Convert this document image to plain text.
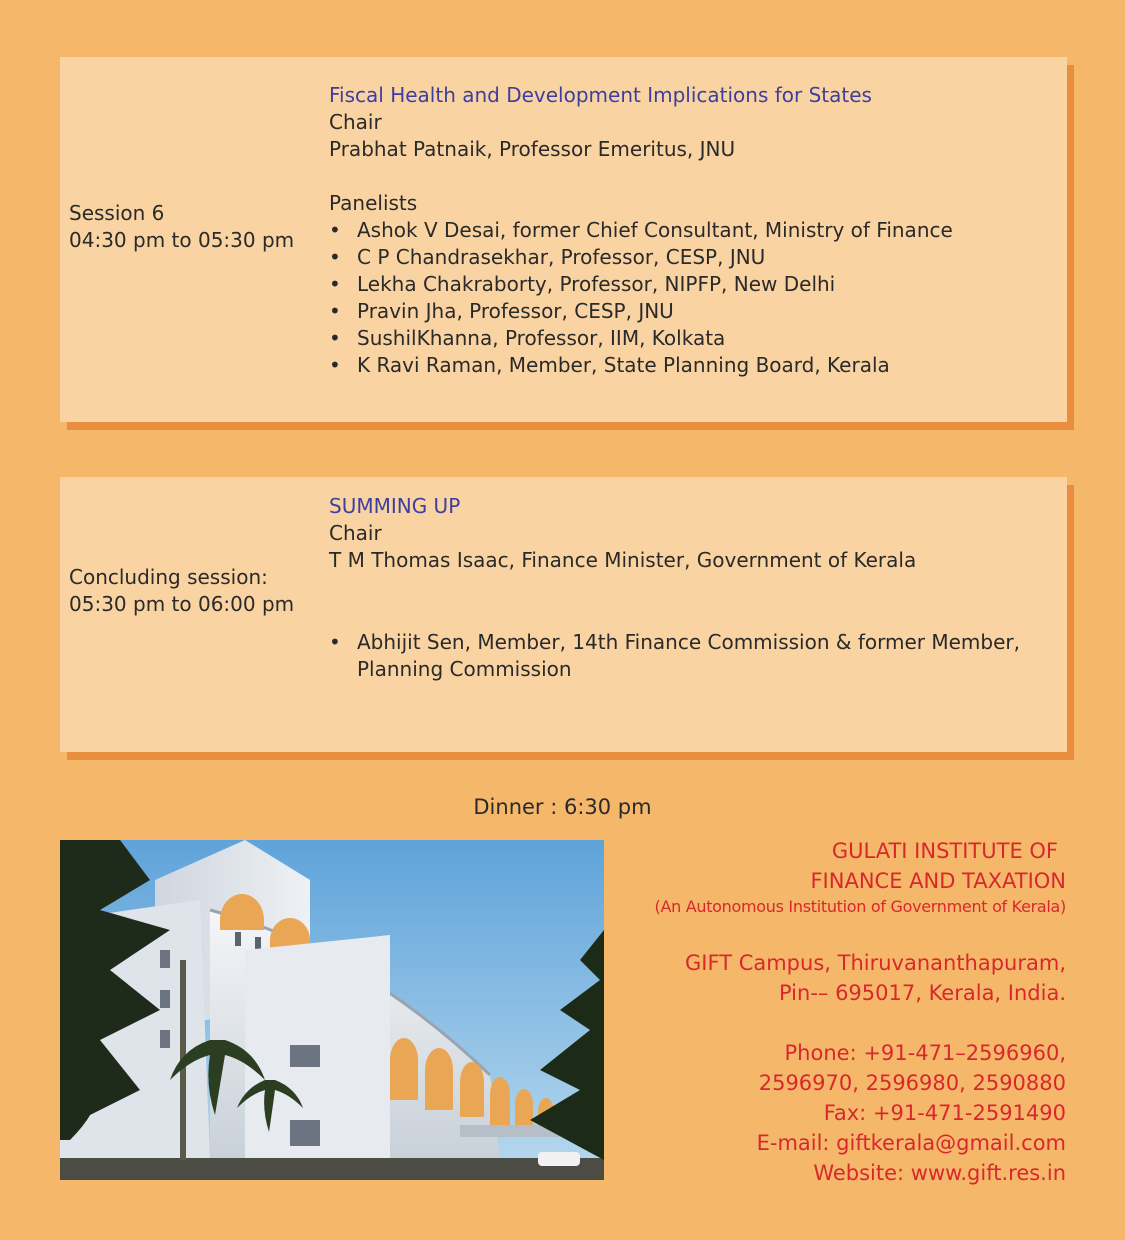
Session 6
04:30 pm to 05:30 pm
Fiscal Health and Development Implications for States
Chair
Prabhat Patnaik, Professor Emeritus, JNU
Panelists
• Ashok V Desai, former Chief Consultant, Ministry of Finance
• C P Chandrasekhar, Professor, CESP, JNU
• Lekha Chakraborty, Professor, NIPFP, New Delhi
• Pravin Jha, Professor, CESP, JNU
• SushilKhanna, Professor, IIM, Kolkata
• K Ravi Raman, Member, State Planning Board, Kerala
Concluding session:
05:30 pm to 06:00 pm
SUMMING UP
Chair
T M Thomas Isaac, Finance Minister, Government of Kerala
• Abhijit Sen, Member, 14th Finance Commission & former Member, Planning Commission
Dinner : 6:30 pm
GULATI INSTITUTE OF
FINANCE AND TAXATION
(An Autonomous Institution of Government of Kerala)
GIFT Campus, Thiruvananthapuram,
Pin-– 695017, Kerala, India.
Phone: +91-471–2596960,
2596970, 2596980, 2590880
Fax: +91-471-2591490
E-mail: giftkerala@gmail.com
Website: www.gift.res.in
